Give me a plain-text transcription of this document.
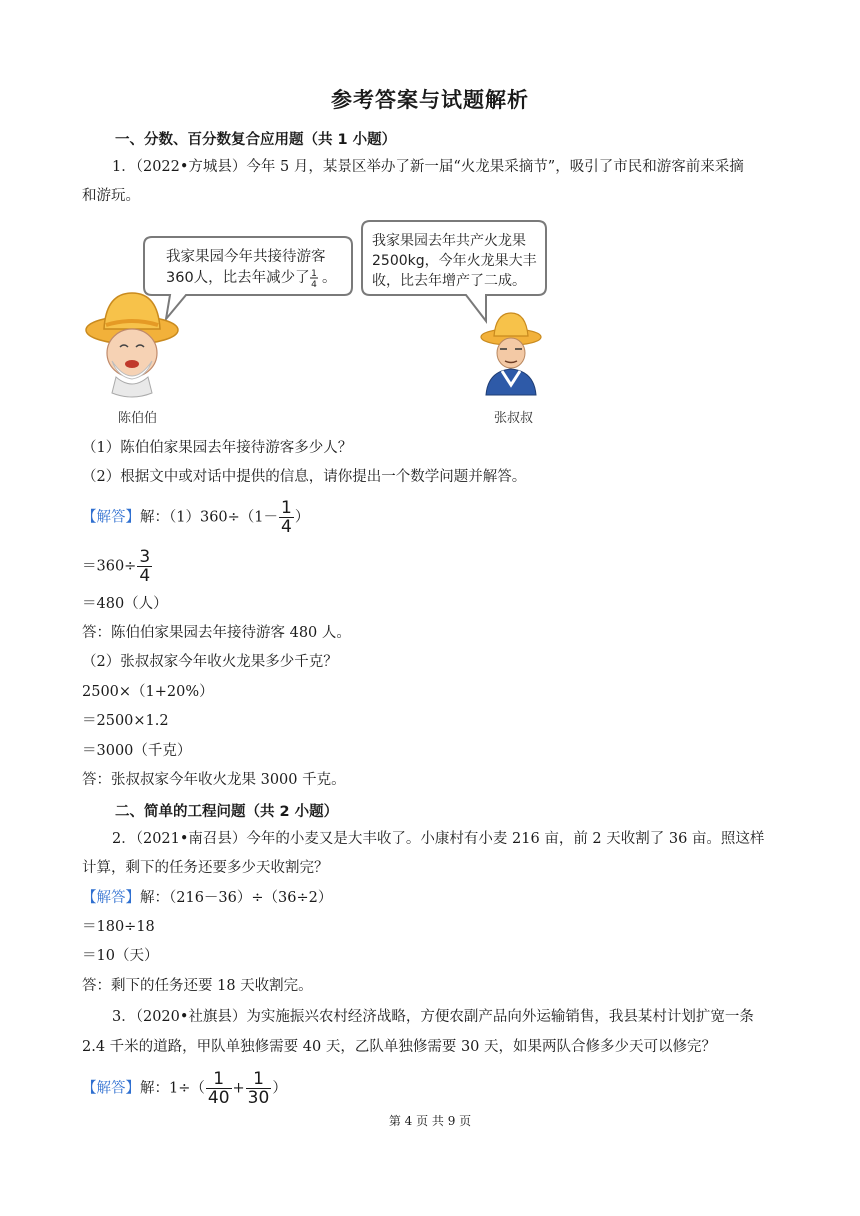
参考答案与试题解析
一、分数、百分数复合应用题（共 1 小题）
1．（2022•方城县）今年 5 月，某景区举办了新一届“火龙果采摘节”，吸引了市民和游客前来采摘
和游玩。
我家果园今年共接待游客
360人，比去年减少了 1
4 。
我家果园去年共产火龙果
2500kg，今年火龙果大丰
收，比去年增产了二成。
陈伯伯	张叔叔
（1）陈伯伯家果园去年接待游客多少人？
（2）根据文中或对话中提供的信息，请你提出一个数学问题并解答。
【解答】解：$(1)360\div(1- \frac{1}{4}$ ）
$=360\div \frac{3}{4}$
＝480（人）
答：陈伯伯家果园去年接待游客 480 人。
（2）张叔叔家今年收火龙果多少千克？
2500×（1+20%）
＝2500×1.2
＝3000（千克）
答：张叔叔家今年收火龙果 3000 千克。
二、简单的工程问题（共 2 小题）
2．（2021•南召县）今年的小麦又是大丰收了。小康村有小麦 216 亩，前 2 天收割了 36 亩。照这样
计算，剩下的任务还要多少天收割完？
【解答】解：（216－36）÷（36÷2）
＝180÷18
＝10（天）
答：剩下的任务还要 18 天收割完。
3．（2020•社旗县）为实施振兴农村经济战略，方便农副产品向外运输销售，我县某村计划扩宽一条
2.4 千米的道路，甲队单独修需要 40 天，乙队单独修需要 30 天，如果两队合修多少天可以修完？
【解答】解：$1\div( \frac{1}{40} + \frac{1}{30}$ ）
第 4 页 共 9 页
